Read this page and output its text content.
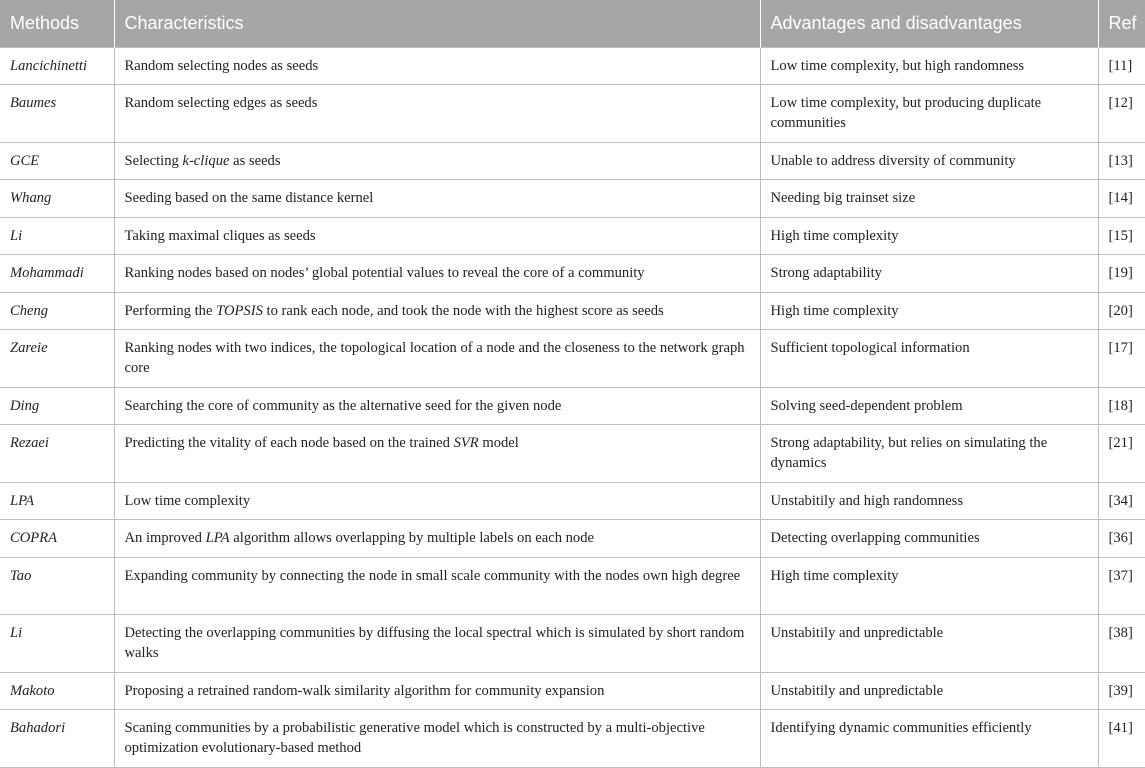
Methods	Characteristics	Advantages and disadvantages	Ref
Lancichinetti	Random selecting nodes as seeds	Low time complexity, but high randomness	[11]
Baumes	Random selecting edges as seeds	Low time complexity, but producing duplicate communities	[12]
GCE	Selecting k-clique as seeds	Unable to address diversity of community	[13]
Whang	Seeding based on the same distance kernel	Needing big trainset size	[14]
Li	Taking maximal cliques as seeds	High time complexity	[15]
Mohammadi	Ranking nodes based on nodes’ global potential values to reveal the core of a community	Strong adaptability	[19]
Cheng	Performing the TOPSIS to rank each node, and took the node with the highest score as seeds	High time complexity	[20]
Zareie	Ranking nodes with two indices, the topological location of a node and the closeness to the network graph core	Sufficient topological information	[17]
Ding	Searching the core of community as the alternative seed for the given node	Solving seed-dependent problem	[18]
Rezaei	Predicting the vitality of each node based on the trained SVR model	Strong adaptability, but relies on simulating the dynamics	[21]
LPA	Low time complexity	Unstabitily and high randomness	[34]
COPRA	An improved LPA algorithm allows overlapping by multiple labels on each node	Detecting overlapping communities	[36]
Tao	Expanding community by connecting the node in small scale community with the nodes own high degree	High time complexity	[37]
Li	Detecting the overlapping communities by diffusing the local spectral which is simulated by short random walks	Unstabitily and unpredictable	[38]
Makoto	Proposing a retrained random-walk similarity algorithm for community expansion	Unstabitily and unpredictable	[39]
Bahadori	Scaning communities by a probabilistic generative model which is constructed by a multi-objective optimization evolutionary-based method	Identifying dynamic communities efficiently	[41]
